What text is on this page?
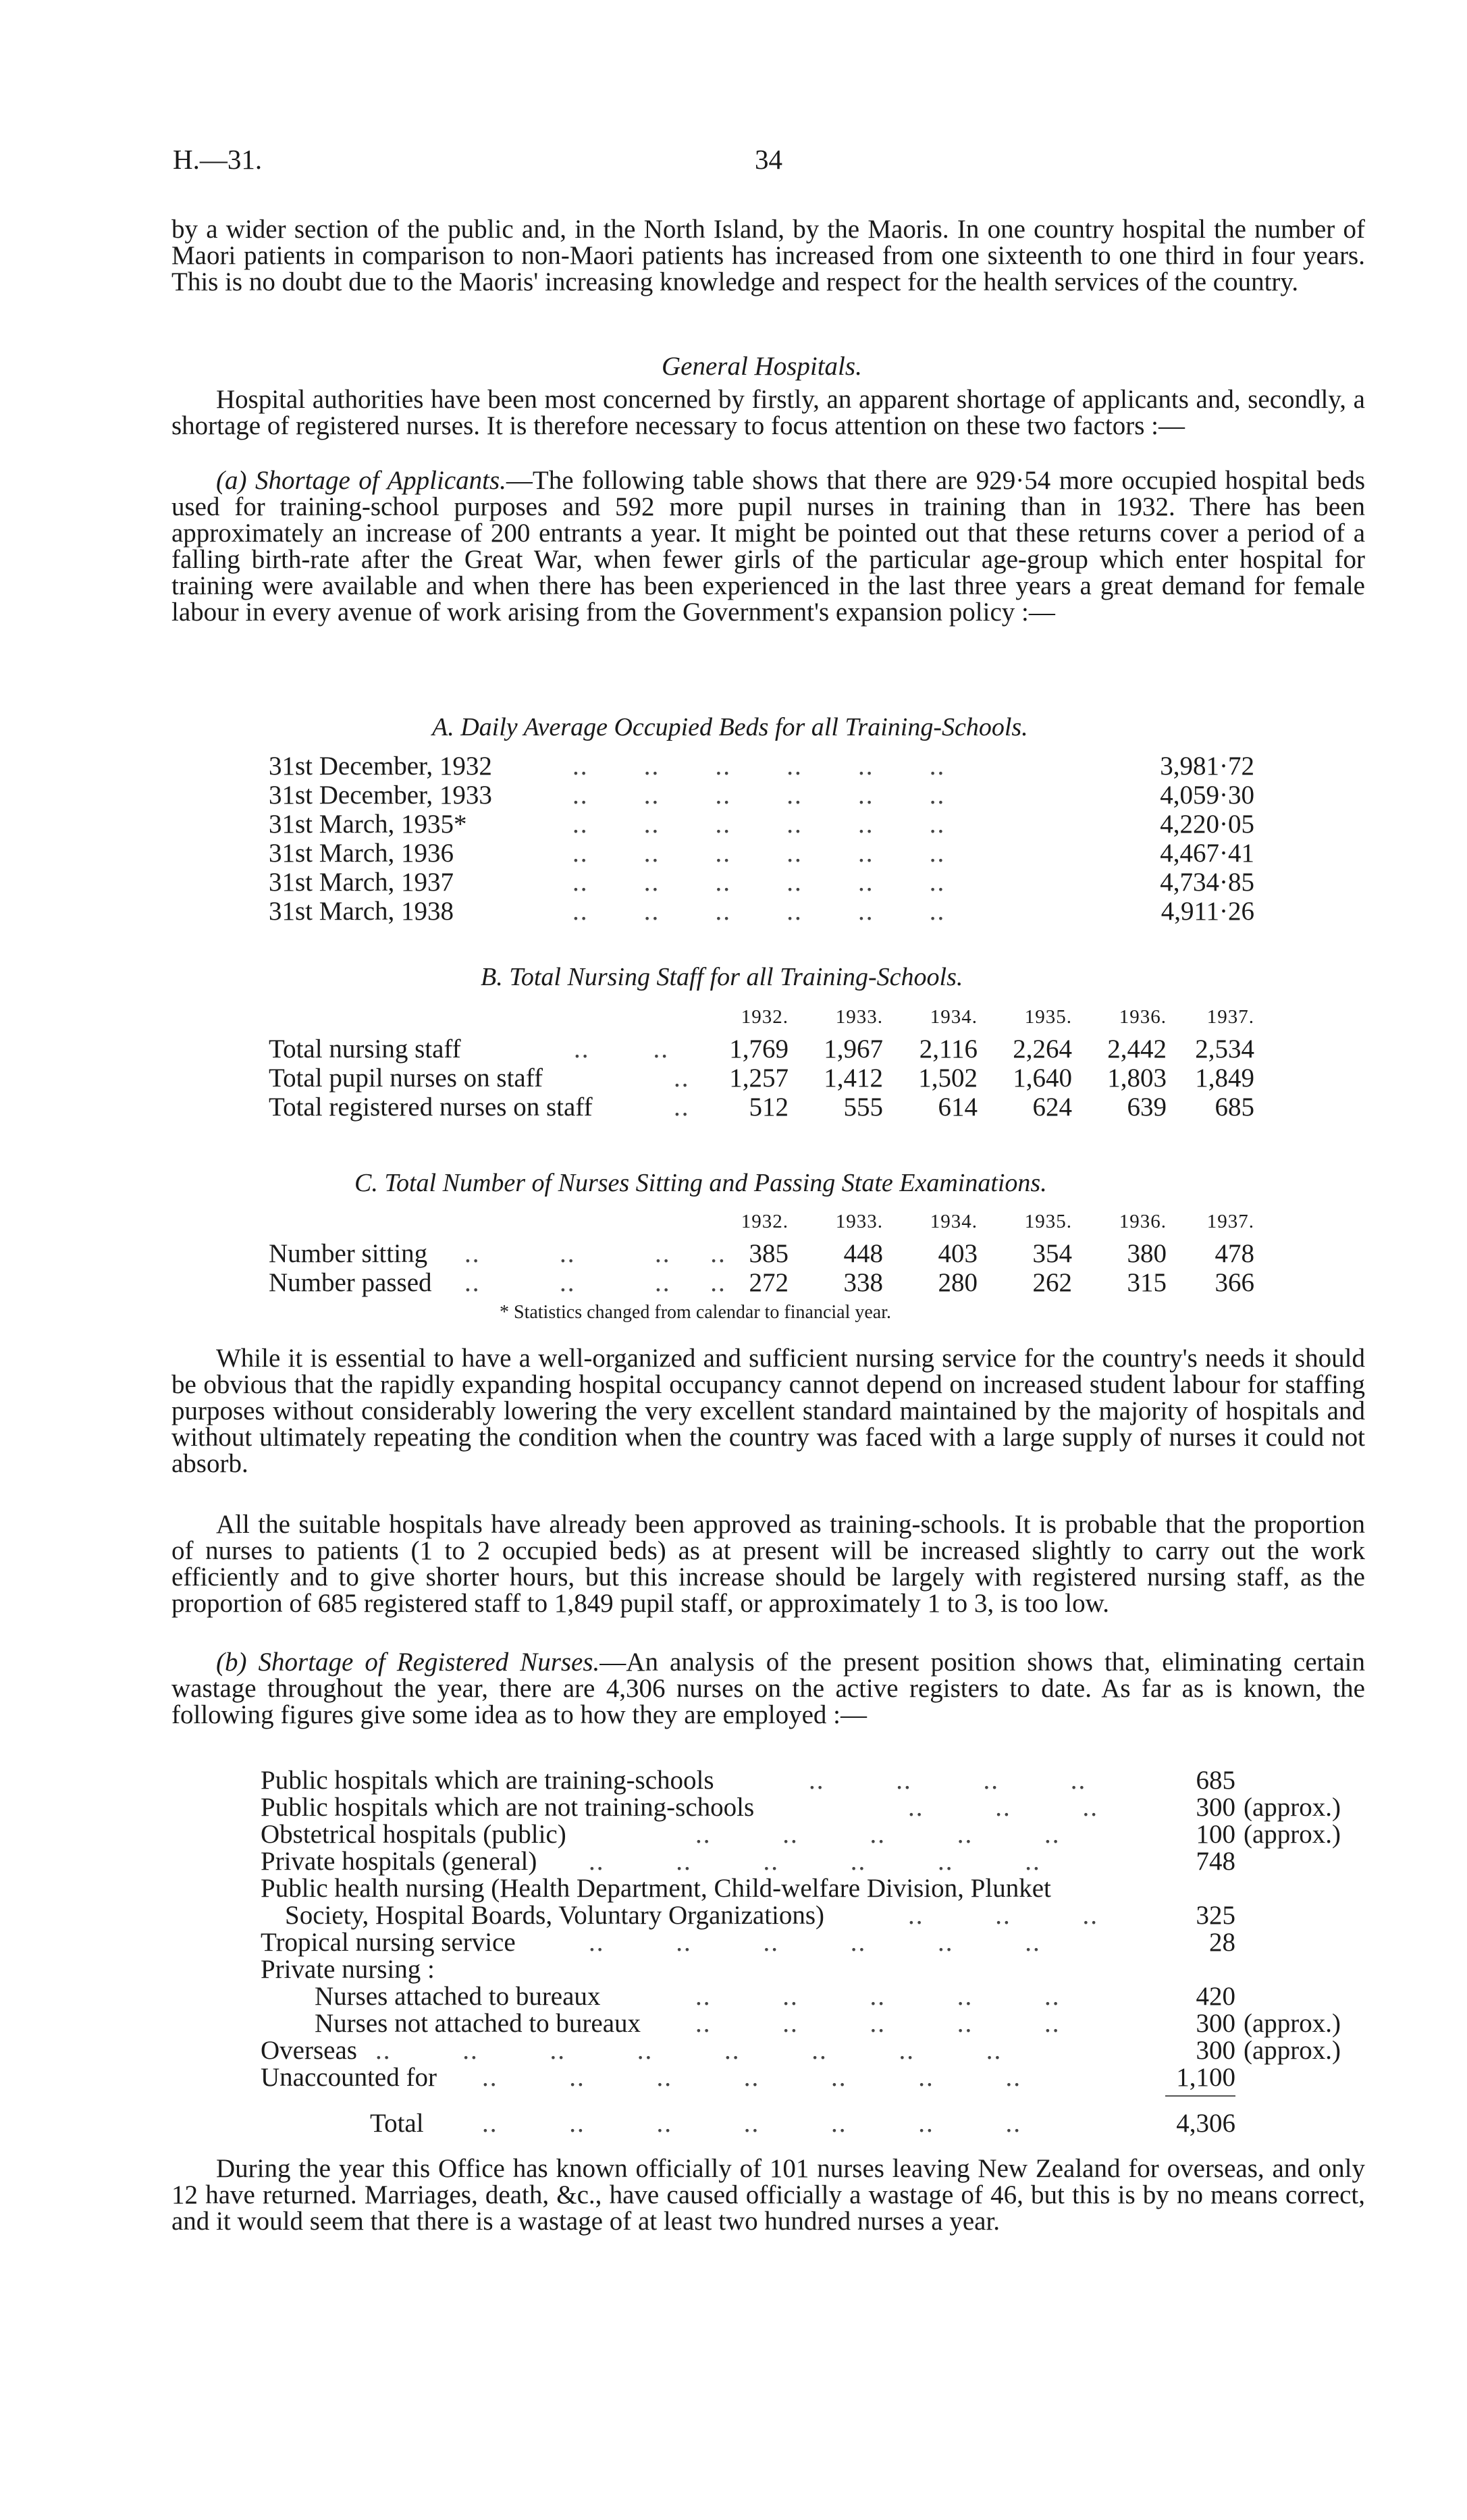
H.—31.	34

by a wider section of the public and, in the North Island, by the Maoris. In one country hospital the number of Maori patients in comparison to non-Maori patients has increased from one sixteenth to one third in four years. This is no doubt due to the Maoris' increasing knowledge and respect for the health services of the country.

General Hospitals.

Hospital authorities have been most concerned by firstly, an apparent shortage of applicants and, secondly, a shortage of registered nurses. It is therefore necessary to focus attention on these two factors :—

(a) Shortage of Applicants.—The following table shows that there are 929·54 more occupied hospital beds used for training-school purposes and 592 more pupil nurses in training than in 1932. There has been approximately an increase of 200 entrants a year. It might be pointed out that these returns cover a period of a falling birth-rate after the Great War, when fewer girls of the particular age-group which enter hospital for training were available and when there has been experienced in the last three years a great demand for female labour in every avenue of work arising from the Government's expansion policy :—

A. Daily Average Occupied Beds for all Training-Schools.
31st December, 1932	..       ..       ..       ..       ..       ..	3,981·72
31st December, 1933	..       ..       ..       ..       ..       ..	4,059·30
31st March, 1935*	..       ..       ..       ..       ..       ..	4,220·05
31st March, 1936	..       ..       ..       ..       ..       ..	4,467·41
31st March, 1937	..       ..       ..       ..       ..       ..	4,734·85
31st March, 1938	..       ..       ..       ..       ..       ..	4,911·26
B. Total Nursing Staff for all Training-Schools.
1932.	1933.	1934.	1935.	1936.	1937.
Total nursing staff	..        ..	1,769	1,967	2,116	2,264	2,442	2,534
Total pupil nurses on staff	..	1,257	1,412	1,502	1,640	1,803	1,849
Total registered nurses on staff	..	512	555	614	624	639	685
C. Total Number of Nurses Sitting and Passing State Examinations.
1932.	1933.	1934.	1935.	1936.	1937.
Number sitting ..          ..          ..     .. 385	448	403	354	380	478
Number passed ..          ..          ..     .. 272	338	280	262	315	366
* Statistics changed from calendar to financial year.

While it is essential to have a well-organized and sufficient nursing service for the country's needs it should be obvious that the rapidly expanding hospital occupancy cannot depend on increased student labour for staffing purposes without considerably lowering the very excellent standard maintained by the majority of hospitals and without ultimately repeating the condition when the country was faced with a large supply of nurses it could not absorb.

All the suitable hospitals have already been approved as training-schools. It is probable that the proportion of nurses to patients (1 to 2 occupied beds) as at present will be increased slightly to carry out the work efficiently and to give shorter hours, but this increase should be largely with registered nursing staff, as the proportion of 685 registered staff to 1,849 pupil staff, or approximately 1 to 3, is too low.

(b) Shortage of Registered Nurses.—An analysis of the present position shows that, eliminating certain wastage throughout the year, there are 4,306 nurses on the active registers to date. As far as is known, the following figures give some idea as to how they are employed :—

Public hospitals which are training-schools	..         ..         ..         ..	685
Public hospitals which are not training-schools	..         ..         ..	300 (approx.)
Obstetrical hospitals (public)	..         ..         ..         ..         ..	100 (approx.)
Private hospitals (general) ..         ..         ..         ..         ..         ..	748
Public health nursing (Health Department, Child-welfare Division, Plunket
Society, Hospital Boards, Voluntary Organizations)	..         ..         ..	325
Tropical nursing service	..         ..         ..         ..         ..         ..	28
Private nursing :
Nurses attached to bureaux	..         ..         ..         ..         ..	420
Nurses not attached to bureaux ..         ..         ..         ..         ..	300 (approx.)
Overseas ..         ..         ..         ..         ..         ..         ..         ..	300 (approx.)
Unaccounted for ..         ..         ..         ..         ..         ..         ..	1,100
Total ..         ..         ..         ..         ..         ..         ..	4,306

During the year this Office has known officially of 101 nurses leaving New Zealand for overseas, and only 12 have returned. Marriages, death, &c., have caused officially a wastage of 46, but this is by no means correct, and it would seem that there is a wastage of at least two hundred nurses a year.
